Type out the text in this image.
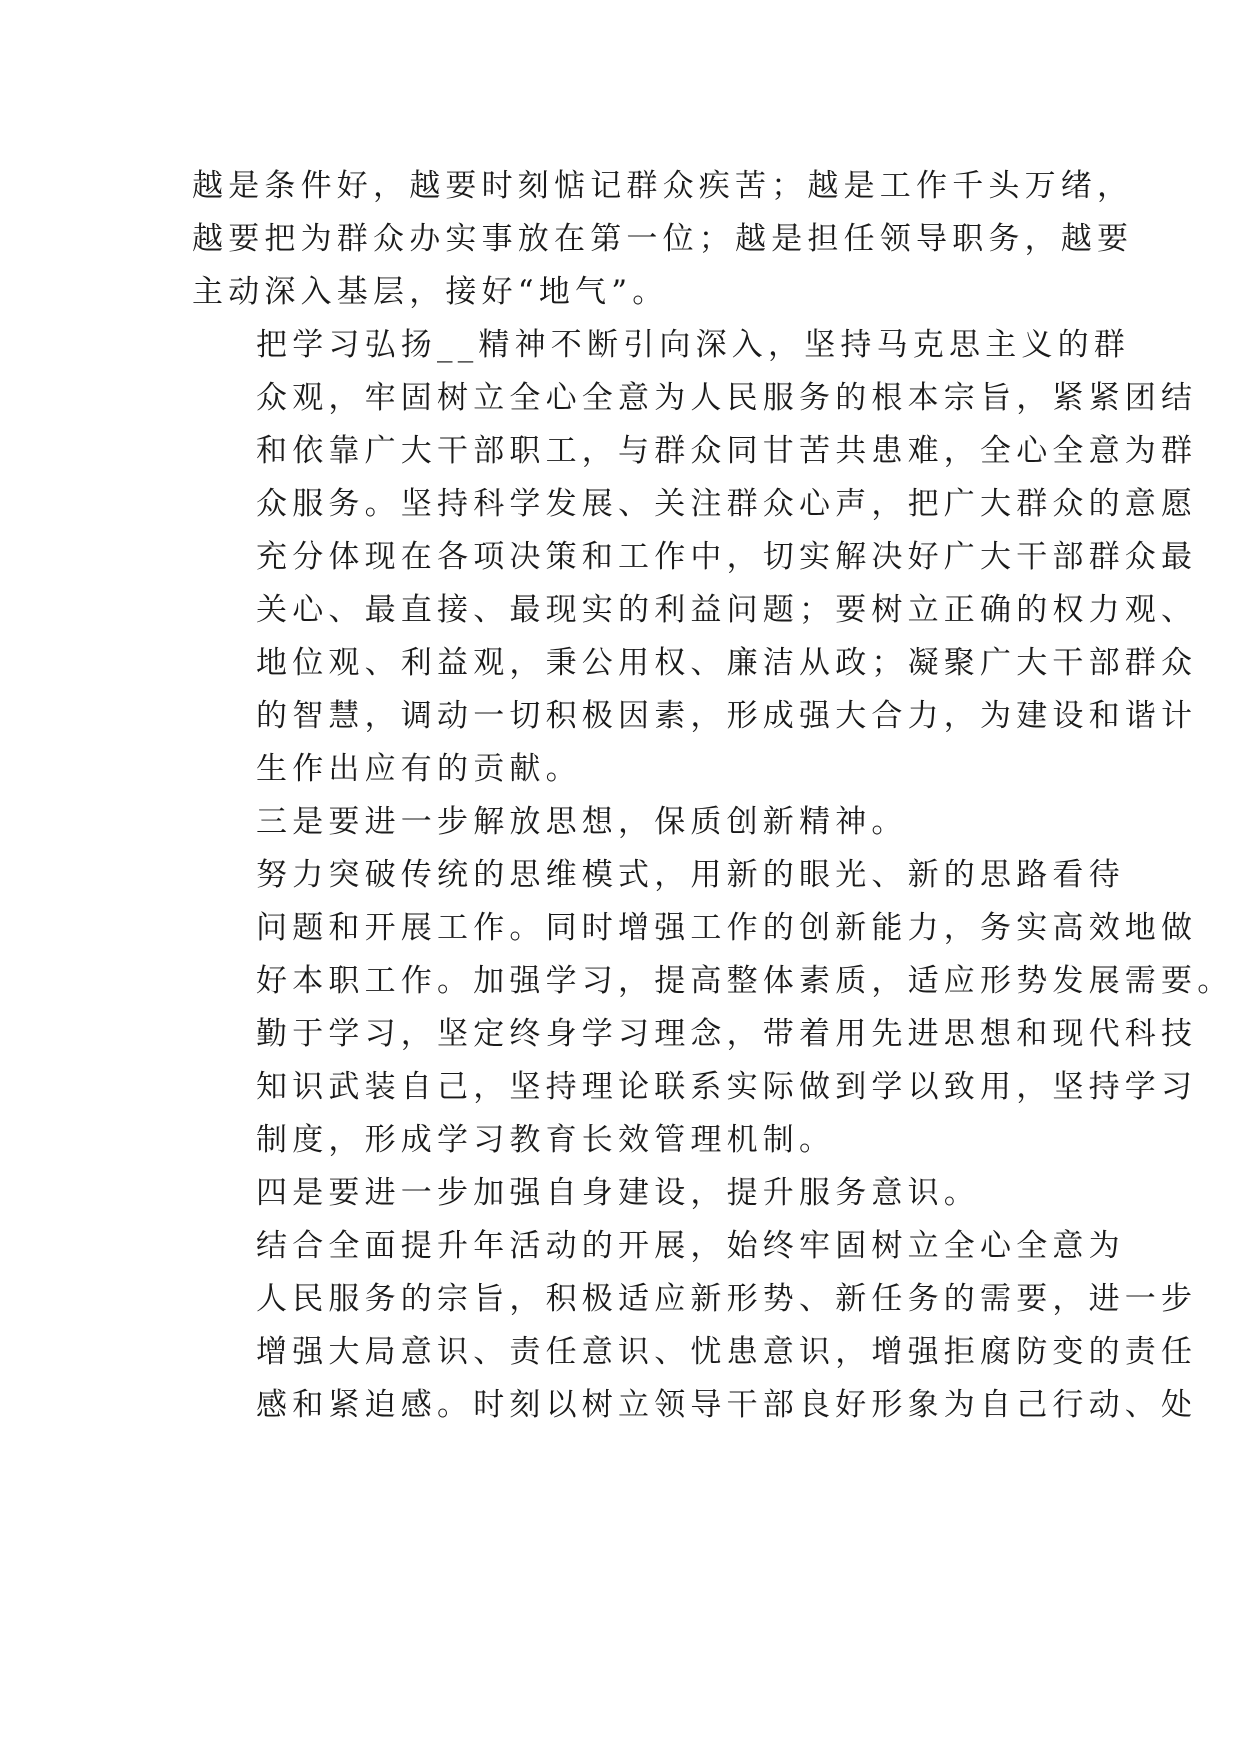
越是条件好，越要时刻惦记群众疾苦；越是工作千头万绪，
越要把为群众办实事放在第一位；越是担任领导职务，越要
主动深入基层，接好“地气”。

把学习弘扬__精神不断引向深入，坚持马克思主义的群
众观，牢固树立全心全意为人民服务的根本宗旨，紧紧团结
和依靠广大干部职工，与群众同甘苦共患难，全心全意为群
众服务。坚持科学发展、关注群众心声，把广大群众的意愿
充分体现在各项决策和工作中，切实解决好广大干部群众最
关心、最直接、最现实的利益问题；要树立正确的权力观、
地位观、利益观，秉公用权、廉洁从政；凝聚广大干部群众
的智慧，调动一切积极因素，形成强大合力，为建设和谐计
生作出应有的贡献。

三是要进一步解放思想，保质创新精神。

努力突破传统的思维模式，用新的眼光、新的思路看待
问题和开展工作。同时增强工作的创新能力，务实高效地做
好本职工作。加强学习，提高整体素质，适应形势发展需要。
勤于学习，坚定终身学习理念，带着用先进思想和现代科技
知识武装自己，坚持理论联系实际做到学以致用，坚持学习
制度，形成学习教育长效管理机制。

四是要进一步加强自身建设，提升服务意识。

结合全面提升年活动的开展，始终牢固树立全心全意为
人民服务的宗旨，积极适应新形势、新任务的需要，进一步
增强大局意识、责任意识、忧患意识，增强拒腐防变的责任
感和紧迫感。时刻以树立领导干部良好形象为自己行动、处
